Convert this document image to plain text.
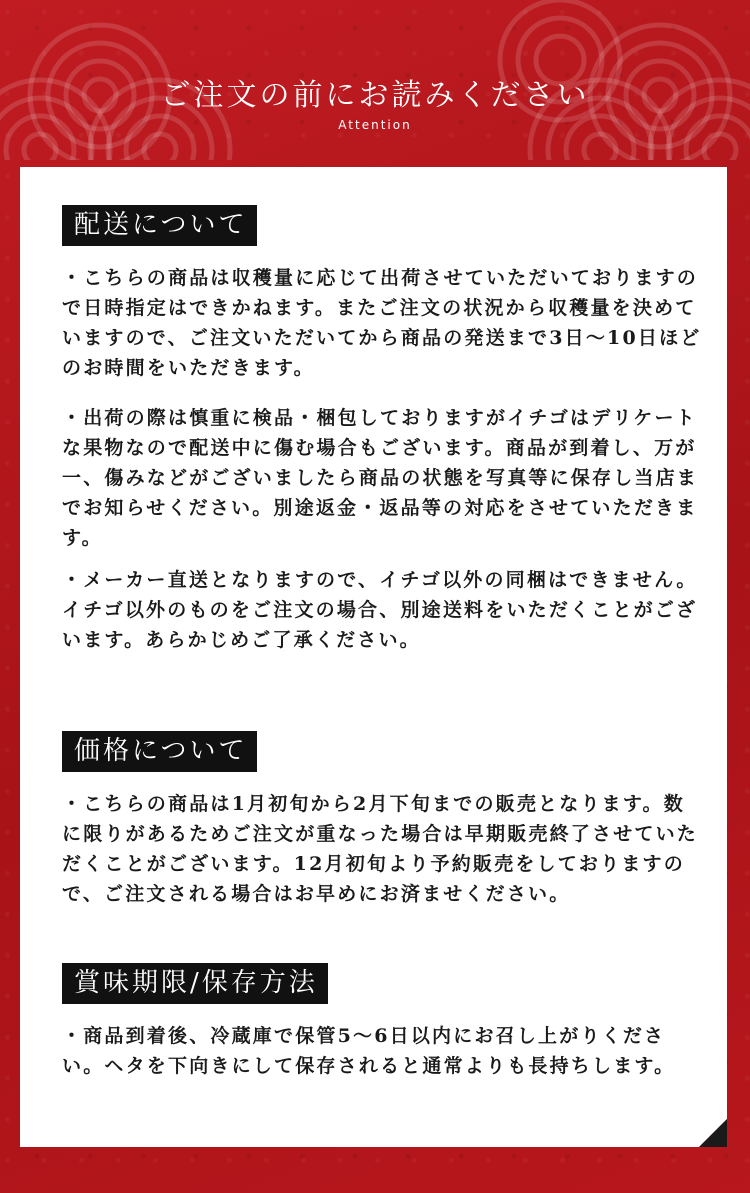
ご注文の前にお読みください
Attention
配送について

・こちらの商品は収穫量に応じて出荷させていただいておりますので日時指定はできかねます。またご注文の状況から収穫量を決めていますので、ご注文いただいてから商品の発送まで3日〜10日ほどのお時間をいただきます。

・出荷の際は慎重に検品・梱包しておりますがイチゴはデリケートな果物なので配送中に傷む場合もございます。商品が到着し、万が一、傷みなどがございましたら商品の状態を写真等に保存し当店までお知らせください。別途返金・返品等の対応をさせていただきます。

・メーカー直送となりますので、イチゴ以外の同梱はできません。イチゴ以外のものをご注文の場合、別途送料をいただくことがございます。あらかじめご了承ください。

価格について

・こちらの商品は1月初旬から2月下旬までの販売となります。数に限りがあるためご注文が重なった場合は早期販売終了させていただくことがございます。12月初旬より予約販売をしておりますので、ご注文される場合はお早めにお済ませください。

賞味期限/保存方法

・商品到着後、冷蔵庫で保管5〜6日以内にお召し上がりください。ヘタを下向きにして保存されると通常よりも長持ちします。
